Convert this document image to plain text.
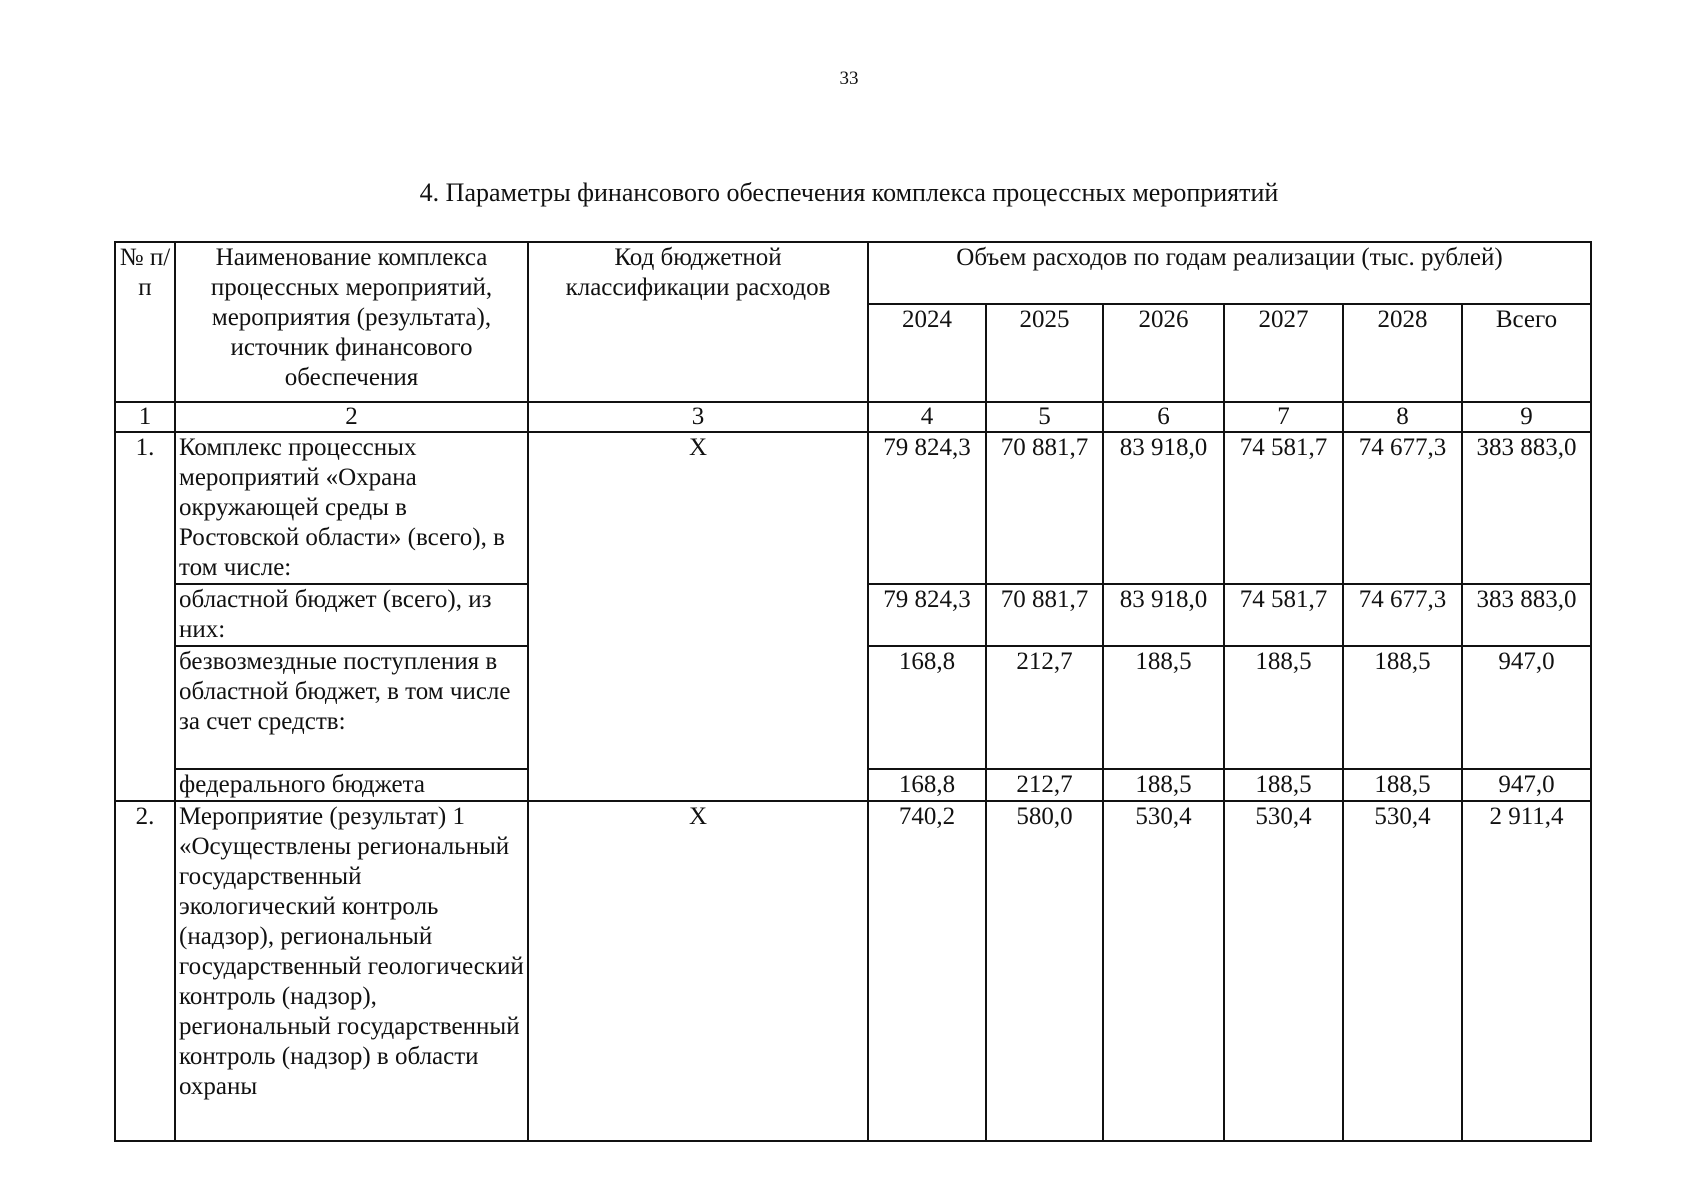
33
4. Параметры финансового обеспечения комплекса процессных мероприятий
№ п/п	Наименование комплекса процессных мероприятий, мероприятия (результата), источник финансового обеспечения	Код бюджетной классификации расходов	Объем расходов по годам реализации (тыс. рублей)					
			2024	2025	2026	2027	2028	Всего
1	2	3	4	5	6	7	8	9
1.	Комплекс процессных мероприятий «Охрана окружающей среды в Ростовской области» (всего), в том числе:	X	79 824,3	70 881,7	83 918,0	74 581,7	74 677,3	383 883,0
	областной бюджет (всего), из них:		79 824,3	70 881,7	83 918,0	74 581,7	74 677,3	383 883,0
	безвозмездные поступления в областной бюджет, в том числе за счет средств:		168,8	212,7	188,5	188,5	188,5	947,0
	федерального бюджета		168,8	212,7	188,5	188,5	188,5	947,0
2.	Мероприятие (результат) 1 «Осуществлены региональный государственный экологический контроль (надзор), региональный государственный геологический контроль (надзор), региональный государственный контроль (надзор) в области охраны	X	740,2	580,0	530,4	530,4	530,4	2 911,4
